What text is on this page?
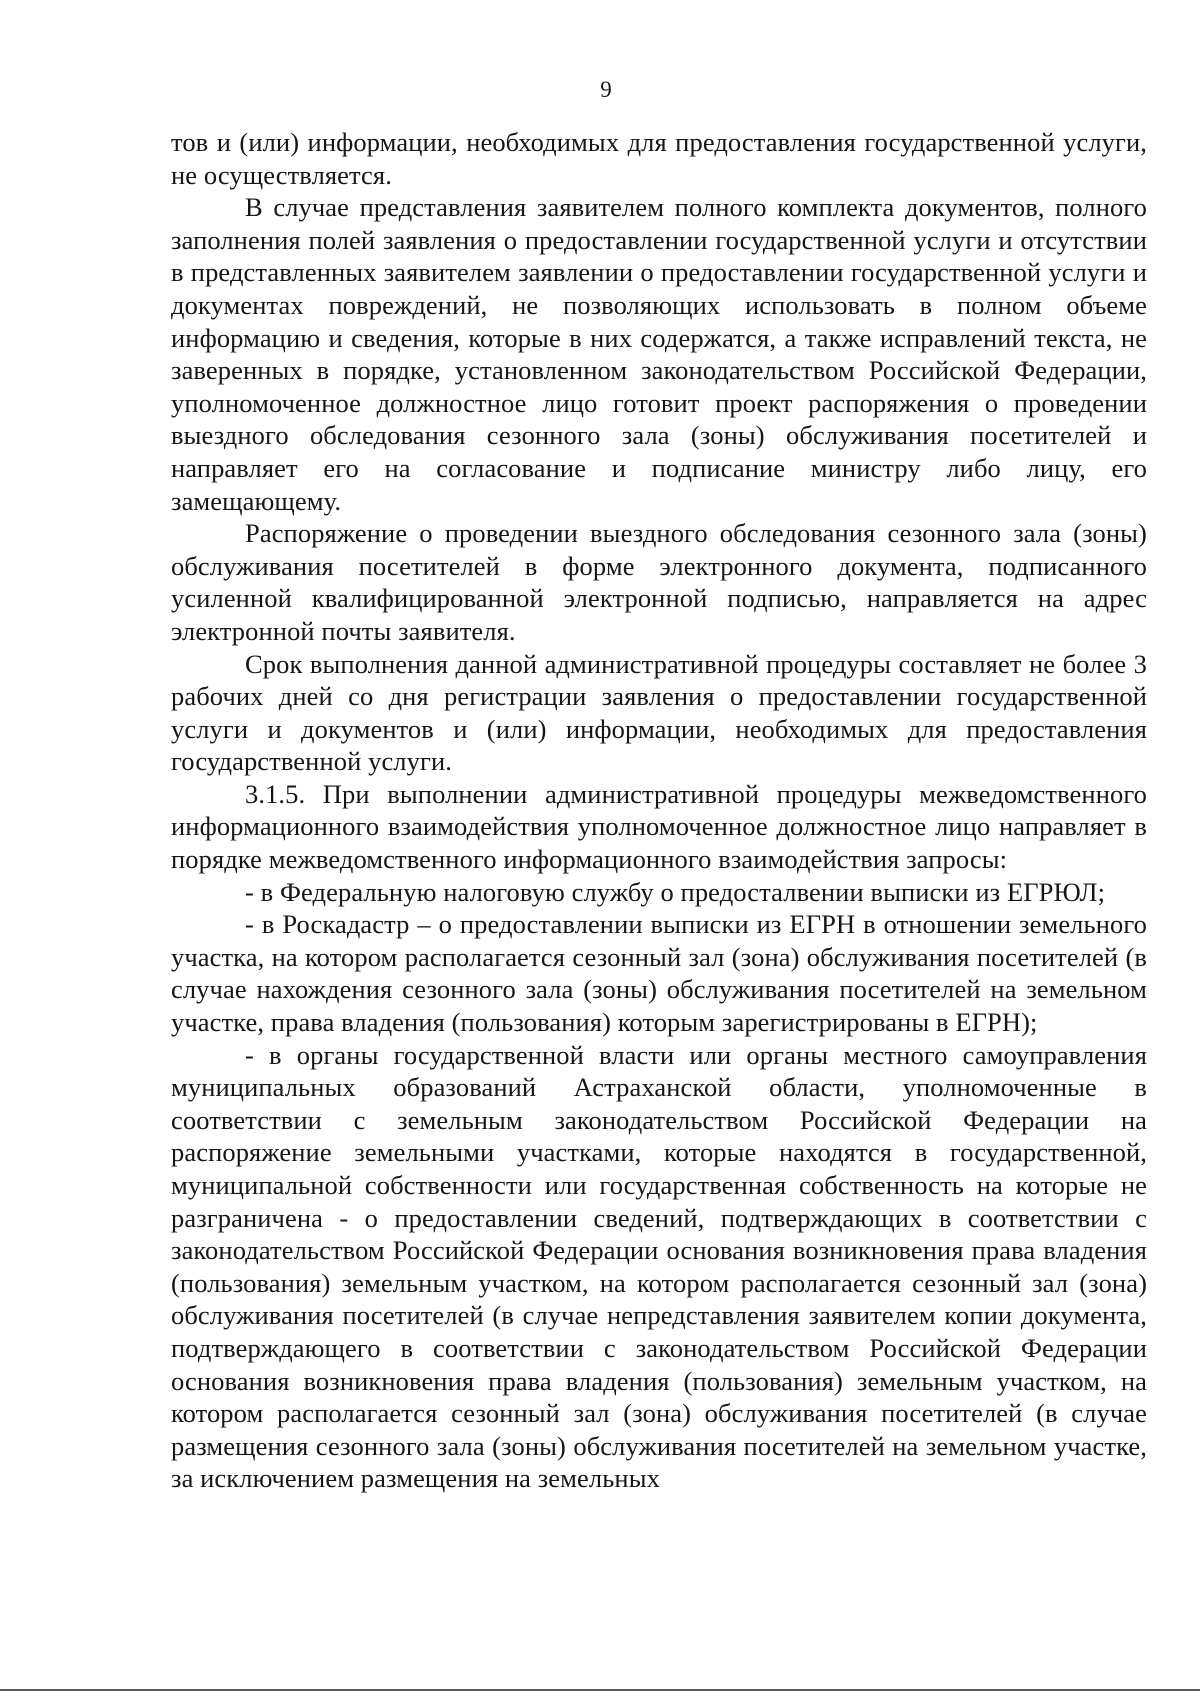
9

тов и (или) информации, необходимых для предоставления государственной услуги, не осуществляется.

В случае представления заявителем полного комплекта документов, полного заполнения полей заявления о предоставлении государственной услуги и отсутствии в представленных заявителем заявлении о предоставлении государственной услуги и документах повреждений, не позволяющих использовать в полном объеме информацию и сведения, которые в них содержатся, а также исправлений текста, не заверенных в порядке, установленном законодательством Российской Федерации, уполномоченное должностное лицо готовит проект распоряжения о проведении выездного обследования сезонного зала (зоны) обслуживания посетителей и направляет его на согласование и подписание министру либо лицу, его замещающему.

Распоряжение о проведении выездного обследования сезонного зала (зоны) обслуживания посетителей в форме электронного документа, подписанного усиленной квалифицированной электронной подписью, направляется на адрес электронной почты заявителя.

Срок выполнения данной административной процедуры составляет не более 3 рабочих дней со дня регистрации заявления о предоставлении государственной услуги и документов и (или) информации, необходимых для предоставления государственной услуги.

3.1.5. При выполнении административной процедуры межведомственного информационного взаимодействия уполномоченное должностное лицо направляет в порядке межведомственного информационного взаимодействия запросы:

- в Федеральную налоговую службу о предосталвении выписки из ЕГРЮЛ;

- в Роскадастр – о предоставлении выписки из ЕГРН в отношении земельного участка, на котором располагается сезонный зал (зона) обслуживания посетителей (в случае нахождения сезонного зала (зоны) обслуживания посетителей на земельном участке, права владения (пользования) которым зарегистрированы в ЕГРН);

- в органы государственной власти или органы местного самоуправления муниципальных образований Астраханской области, уполномоченные в соответствии с земельным законодательством Российской Федерации на распоряжение земельными участками, которые находятся в государственной, муниципальной собственности или государственная собственность на которые не разграничена - о предоставлении сведений, подтверждающих в соответствии с законодательством Российской Федерации основания возникновения права владения (пользования) земельным участком, на котором располагается сезонный зал (зона) обслуживания посетителей (в случае непредставления заявителем копии документа, подтверждающего в соответствии с законодательством Российской Федерации основания возникновения права владения (пользования) земельным участком, на котором располагается сезонный зал (зона) обслуживания посетителей (в случае размещения сезонного зала (зоны) обслуживания посетителей на земельном участке, за исключением размещения на земельных
